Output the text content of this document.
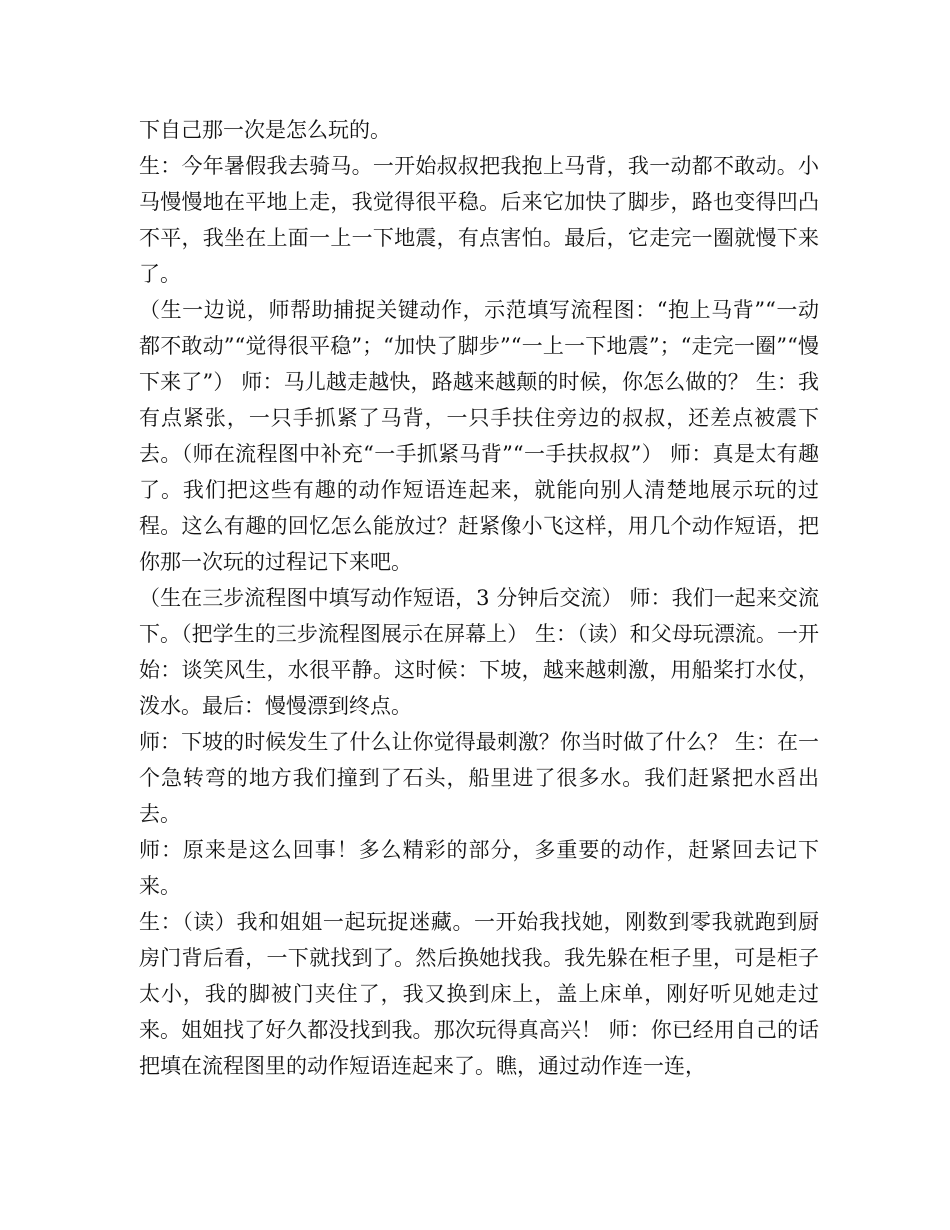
下自己那一次是怎么玩的。

生：今年暑假我去骑马。一开始叔叔把我抱上马背，我一动都不敢动。小马慢慢地在平地上走，我觉得很平稳。后来它加快了脚步，路也变得凹凸不平，我坐在上面一上一下地震，有点害怕。最后，它走完一圈就慢下来了。

（生一边说，师帮助捕捉关键动作，示范填写流程图：“抱上马背”“一动都不敢动”“觉得很平稳”；“加快了脚步”“一上一下地震”；“走完一圈”“慢下来了”） 师：马儿越走越快，路越来越颠的时候，你怎么做的？ 生：我有点紧张，一只手抓紧了马背，一只手扶住旁边的叔叔，还差点被震下去。（师在流程图中补充“一手抓紧马背”“一手扶叔叔”） 师：真是太有趣了。我们把这些有趣的动作短语连起来，就能向别人清楚地展示玩的过程。这么有趣的回忆怎么能放过？赶紧像小飞这样，用几个动作短语，把你那一次玩的过程记下来吧。

（生在三步流程图中填写动作短语，3 分钟后交流） 师：我们一起来交流下。（把学生的三步流程图展示在屏幕上） 生：（读）和父母玩漂流。一开始：谈笑风生，水很平静。这时候：下坡，越来越刺激，用船桨打水仗，泼水。最后：慢慢漂到终点。

师：下坡的时候发生了什么让你觉得最刺激？你当时做了什么？ 生：在一个急转弯的地方我们撞到了石头，船里进了很多水。我们赶紧把水舀出去。

师：原来是这么回事！多么精彩的部分，多重要的动作，赶紧回去记下来。

生：（读）我和姐姐一起玩捉迷藏。一开始我找她，刚数到零我就跑到厨房门背后看，一下就找到了。然后换她找我。我先躲在柜子里，可是柜子太小，我的脚被门夹住了，我又换到床上，盖上床单，刚好听见她走过来。姐姐找了好久都没找到我。那次玩得真高兴！ 师：你已经用自己的话把填在流程图里的动作短语连起来了。瞧，通过动作连一连，
